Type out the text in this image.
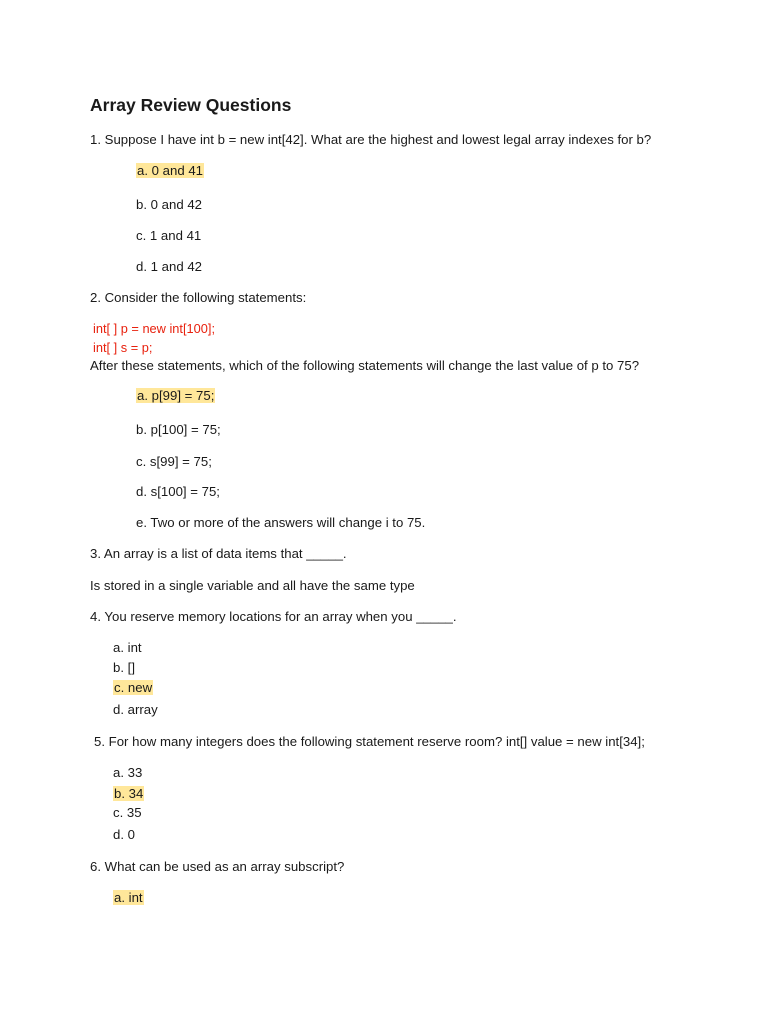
Array Review Questions
1. Suppose I have int b = new int[42]. What are the highest and lowest legal array indexes for b?
a. 0 and 41
b. 0 and 42
c. 1 and 41
d. 1 and 42
2. Consider the following statements:
int[ ] p = new int[100];
int[ ] s = p;
After these statements, which of the following statements will change the last value of p to 75?
a. p[99] = 75;
b. p[100] = 75;
c. s[99] = 75;
d. s[100] = 75;
e. Two or more of the answers will change i to 75.
3. An array is a list of data items that _____.
Is stored in a single variable and all have the same type
4. You reserve memory locations for an array when you _____.
a. int
b. []
c. new
d. array
5. For how many integers does the following statement reserve room? int[] value = new int[34];
a. 33
b. 34
c. 35
d. 0
6. What can be used as an array subscript?
a. int
